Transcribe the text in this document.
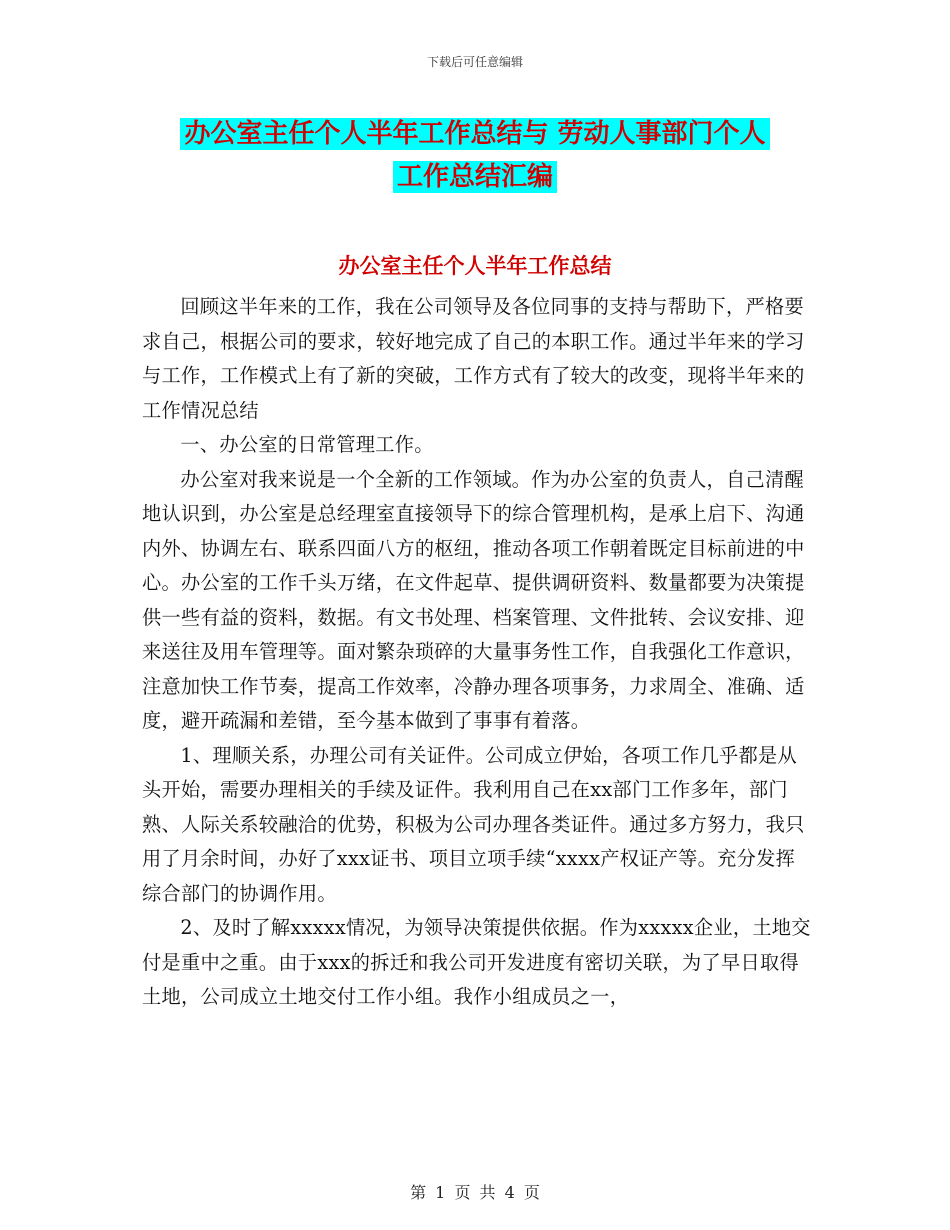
下载后可任意编辑
办公室主任个人半年工作总结与 劳动人事部门个人
工作总结汇编
办公室主任个人半年工作总结

回顾这半年来的工作，我在公司领导及各位同事的支持与帮助下，严格要求自己，根据公司的要求，较好地完成了自己的本职工作。通过半年来的学习与工作，工作模式上有了新的突破，工作方式有了较大的改变，现将半年来的工作情况总结

一、办公室的日常管理工作。

办公室对我来说是一个全新的工作领域。作为办公室的负责人，自己清醒地认识到，办公室是总经理室直接领导下的综合管理机构，是承上启下、沟通内外、协调左右、联系四面八方的枢纽，推动各项工作朝着既定目标前进的中心。办公室的工作千头万绪，在文件起草、提供调研资料、数量都要为决策提供一些有益的资料，数据。有文书处理、档案管理、文件批转、会议安排、迎来送往及用车管理等。面对繁杂琐碎的大量事务性工作，自我强化工作意识，注意加快工作节奏，提高工作效率，冷静办理各项事务，力求周全、准确、适度，避开疏漏和差错，至今基本做到了事事有着落。

1、理顺关系，办理公司有关证件。公司成立伊始，各项工作几乎都是从头开始，需要办理相关的手续及证件。我利用自己在xx部门工作多年，部门熟、人际关系较融洽的优势，积极为公司办理各类证件。通过多方努力，我只用了月余时间，办好了xxx证书、项目立项手续“xxxx产权证产等。充分发挥综合部门的协调作用。

2、及时了解xxxxx情况，为领导决策提供依据。作为xxxxx企业，土地交付是重中之重。由于xxx的拆迁和我公司开发进度有密切关联，为了早日取得土地，公司成立土地交付工作小组。我作小组成员之一，

第 1 页 共 4 页
